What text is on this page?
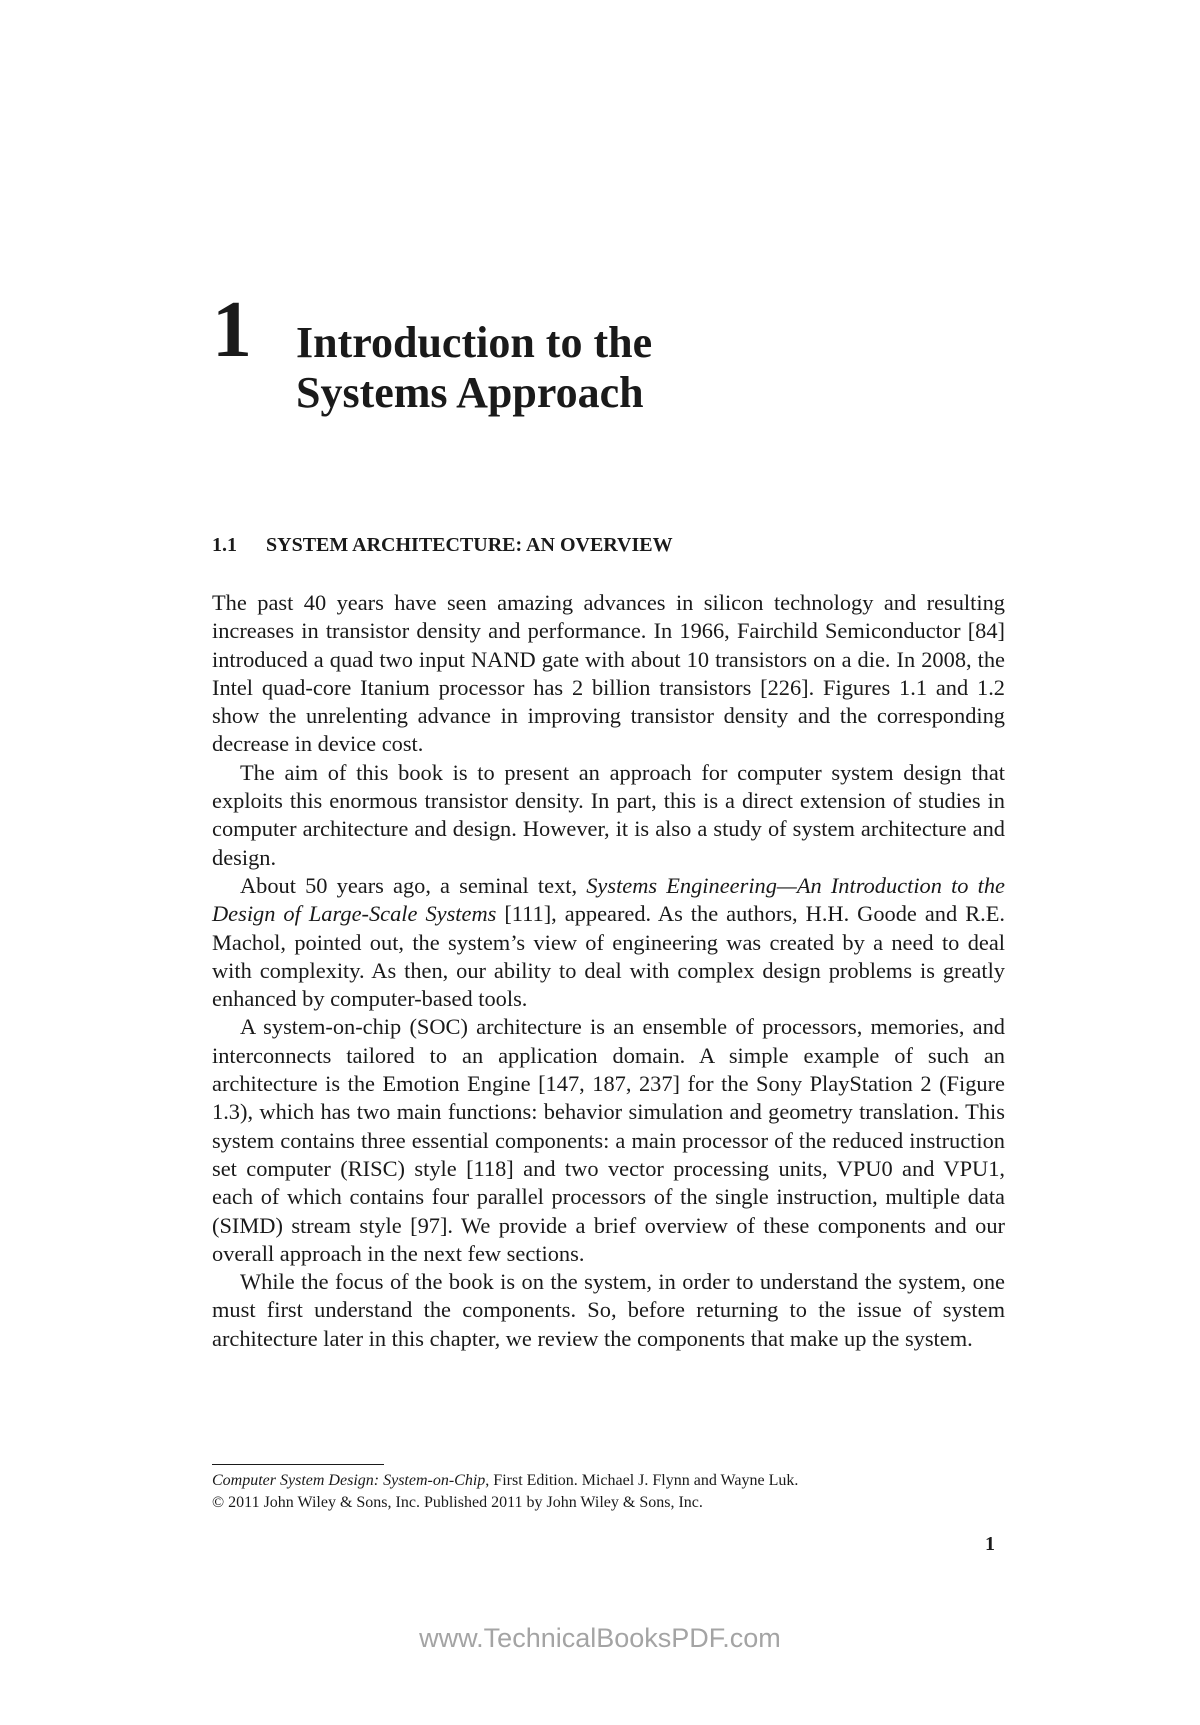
1 Introduction to the
Systems Approach
1.1 SYSTEM ARCHITECTURE: AN OVERVIEW

The past 40 years have seen amazing advances in silicon technology and resulting increases in transistor density and performance. In 1966, Fairchild Semiconductor [84] introduced a quad two input NAND gate with about 10 transistors on a die. In 2008, the Intel quad-core Itanium processor has 2 billion transistors [226]. Figures 1.1 and 1.2 show the unrelenting advance in improving transistor density and the corresponding decrease in device cost.

The aim of this book is to present an approach for computer system design that exploits this enormous transistor density. In part, this is a direct extension of studies in computer architecture and design. However, it is also a study of system architecture and design.

About 50 years ago, a seminal text, Systems Engineering—An Introduction to the Design of Large-Scale Systems [111], appeared. As the authors, H.H. Goode and R.E. Machol, pointed out, the system’s view of engineering was created by a need to deal with complexity. As then, our ability to deal with complex design problems is greatly enhanced by computer-based tools.

A system-on-chip (SOC) architecture is an ensemble of processors, memories, and interconnects tailored to an application domain. A simple example of such an architecture is the Emotion Engine [147, 187, 237] for the Sony PlayStation 2 (Figure 1.3), which has two main functions: behavior simulation and geometry translation. This system contains three essential components: a main processor of the reduced instruction set computer (RISC) style [118] and two vector processing units, VPU0 and VPU1, each of which contains four parallel processors of the single instruction, multiple data (SIMD) stream style [97]. We provide a brief overview of these components and our overall approach in the next few sections.

While the focus of the book is on the system, in order to understand the system, one must first understand the components. So, before returning to the issue of system architecture later in this chapter, we review the components that make up the system.

Computer System Design: System-on-Chip, First Edition. Michael J. Flynn and Wayne Luk.
© 2011 John Wiley & Sons, Inc. Published 2011 by John Wiley & Sons, Inc.
1
www.TechnicalBooksPDF.com
